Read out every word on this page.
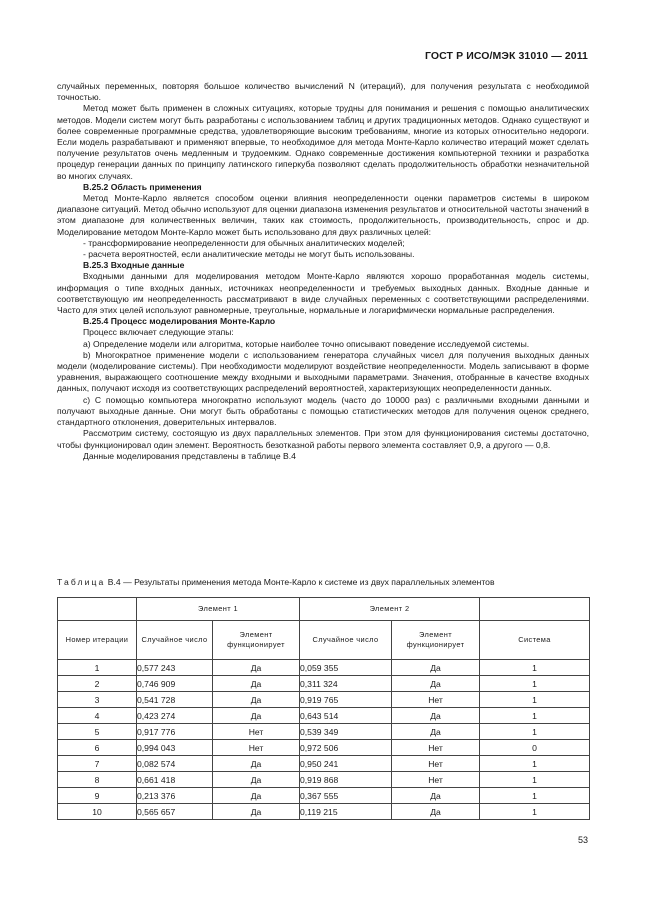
ГОСТ Р ИСО/МЭК 31010 — 2011

случайных переменных, повторяя большое количество вычислений N (итераций), для получения результата с необходимой точностью.

Метод может быть применен в сложных ситуациях, которые трудны для понимания и решения с помощью аналитических методов. Модели систем могут быть разработаны с использованием таблиц и других традиционных методов. Однако существуют и более современные программные средства, удовлетворяющие высоким требованиям, многие из которых относительно недороги. Если модель разрабатывают и применяют впервые, то необходимое для метода Монте-Карло количество итераций может сделать получение результатов очень медленным и трудоемким. Однако современные достижения компьютерной техники и разработка процедур генерации данных по принципу латинского гиперкуба позволяют сделать продолжительность обработки незначительной во многих случаях.

В.25.2 Область применения

Метод Монте-Карло является способом оценки влияния неопределенности оценки параметров системы в широком диапазоне ситуаций. Метод обычно используют для оценки диапазона изменения результатов и относительной частоты значений в этом диапазоне для количественных величин, таких как стоимость, продолжительность, производительность, спрос и др. Моделирование методом Монте-Карло может быть использовано для двух различных целей:

- трансформирование неопределенности для обычных аналитических моделей;

- расчета вероятностей, если аналитические методы не могут быть использованы.

В.25.3 Входные данные

Входными данными для моделирования методом Монте-Карло являются хорошо проработанная модель системы, информация о типе входных данных, источниках неопределенности и требуемых выходных данных. Входные данные и соответствующую им неопределенность рассматривают в виде случайных переменных с соответствующими распределениями. Часто для этих целей используют равномерные, треугольные, нормальные и логарифмически нормальные распределения.

В.25.4 Процесс моделирования Монте-Карло

Процесс включает следующие этапы:

a) Определение модели или алгоритма, которые наиболее точно описывают поведение исследуемой системы.

b) Многократное применение модели с использованием генератора случайных чисел для получения выходных данных модели (моделирование системы). При необходимости моделируют воздействие неопределенности. Модель записывают в форме уравнения, выражающего соотношение между входными и выходными параметрами. Значения, отобранные в качестве входных данных, получают исходя из соответствующих распределений вероятностей, характеризующих неопределенности данных.

c) С помощью компьютера многократно используют модель (часто до 10000 раз) с различными входными данными и получают выходные данные. Они могут быть обработаны с помощью статистических методов для получения оценок среднего, стандартного отклонения, доверительных интервалов.

Рассмотрим систему, состоящую из двух параллельных элементов. При этом для функционирования системы достаточно, чтобы функционировал один элемент. Вероятность безотказной работы первого элемента составляет 0,9, а другого — 0,8.

Данные моделирования представлены в таблице В.4

Таблица В.4 — Результаты применения метода Монте-Карло к системе из двух параллельных элементов
	Элемент 1		Элемент 2		
Номер итерации	Случайное число	Элемент функционирует	Случайное число	Элемент функционирует	Система
1	0,577 243	Да	0,059 355	Да	1
2	0,746 909	Да	0,311 324	Да	1
3	0,541 728	Да	0,919 765	Нет	1
4	0,423 274	Да	0,643 514	Да	1
5	0,917 776	Нет	0,539 349	Да	1
6	0,994 043	Нет	0,972 506	Нет	0
7	0,082 574	Да	0,950 241	Нет	1
8	0,661 418	Да	0,919 868	Нет	1
9	0,213 376	Да	0,367 555	Да	1
10	0,565 657	Да	0,119 215	Да	1
53
